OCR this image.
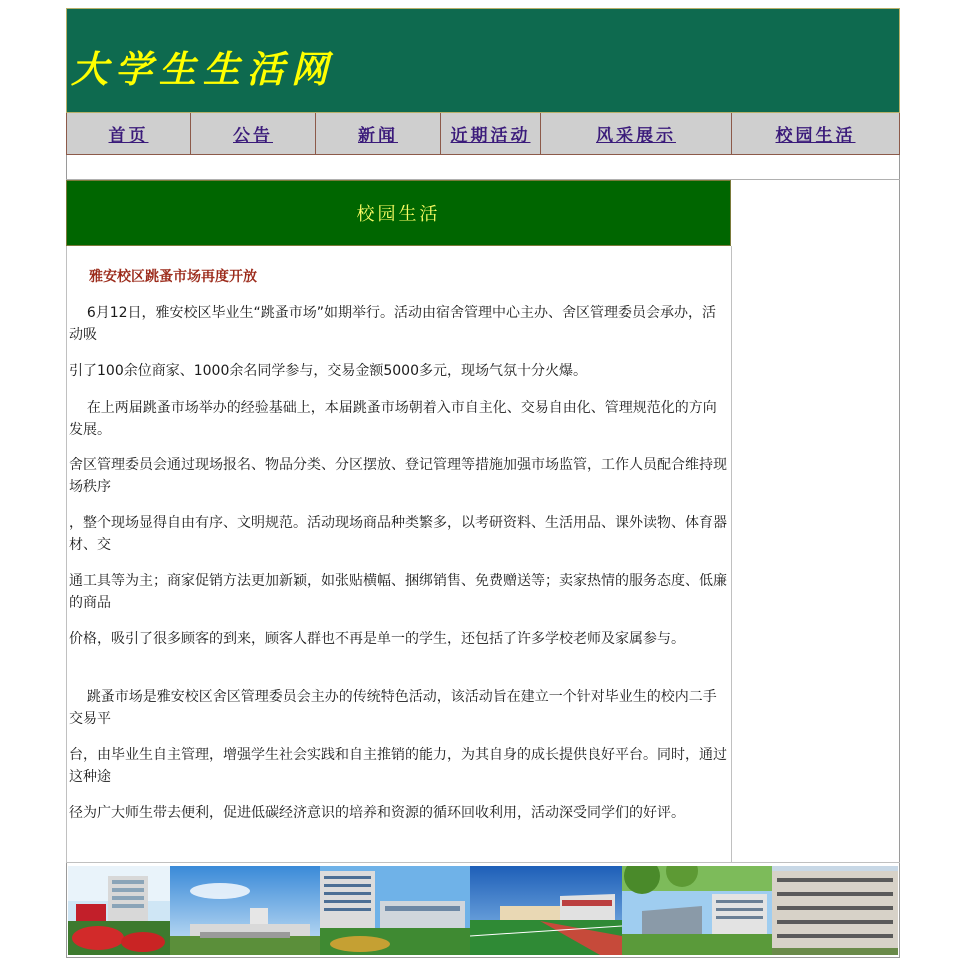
大学生生活网
首页	公告	新闻	近期活动	风采展示	校园生活
校园生活
雅安校区跳蚤市场再度开放

6月12日，雅安校区毕业生“跳蚤市场”如期举行。活动由宿舍管理中心主办、舍区管理委员会承办，活动吸

引了100余位商家、1000余名同学参与，交易金额5000多元，现场气氛十分火爆。

在上两届跳蚤市场举办的经验基础上，本届跳蚤市场朝着入市自主化、交易自由化、管理规范化的方向发展。

舍区管理委员会通过现场报名、物品分类、分区摆放、登记管理等措施加强市场监管，工作人员配合维持现场秩序

，整个现场显得自由有序、文明规范。活动现场商品种类繁多，以考研资料、生活用品、课外读物、体育器材、交

通工具等为主；商家促销方法更加新颖，如张贴横幅、捆绑销售、免费赠送等；卖家热情的服务态度、低廉的商品

价格，吸引了很多顾客的到来，顾客人群也不再是单一的学生，还包括了许多学校老师及家属参与。

跳蚤市场是雅安校区舍区管理委员会主办的传统特色活动，该活动旨在建立一个针对毕业生的校内二手交易平

台，由毕业生自主管理，增强学生社会实践和自主推销的能力，为其自身的成长提供良好平台。同时，通过这种途

径为广大师生带去便利，促进低碳经济意识的培养和资源的循环回收利用，活动深受同学们的好评。
